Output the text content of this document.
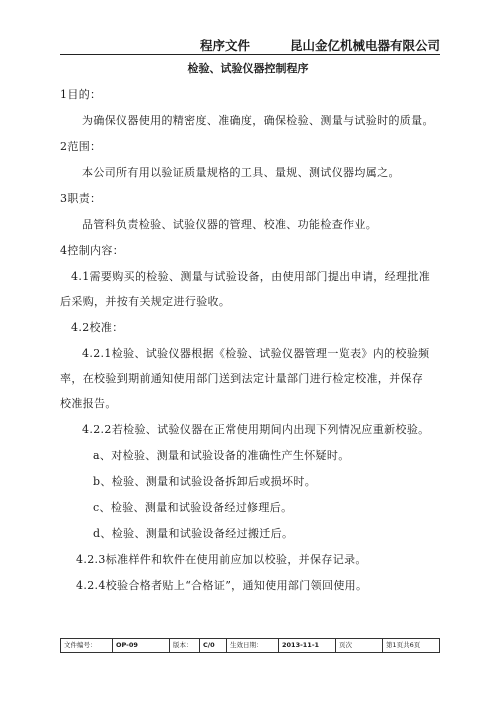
程序文件	昆山金亿机械电器有限公司
检验、试验仪器控制程序
1目的：
为确保仪器使用的精密度、准确度，确保检验、测量与试验时的质量。
2范围：
本公司所有用以验证质量规格的工具、量规、测试仪器均属之。
3职责：
品管科负责检验、试验仪器的管理、校准、功能检查作业。
4控制内容：
4.1需要购买的检验、测量与试验设备，由使用部门提出申请，经理批准
后采购，并按有关规定进行验收。
4.2校准：
4.2.1检验、试验仪器根据《检验、试验仪器管理一览表》内的校验频
率，在校验到期前通知使用部门送到法定计量部门进行检定校准，并保存
校准报告。
4.2.2若检验、试验仪器在正常使用期间内出现下列情况应重新校验。
a、对检验、测量和试验设备的准确性产生怀疑时。
b、检验、测量和试验设备拆卸后或损坏时。
c、检验、测量和试验设备经过修理后。
d、检验、测量和试验设备经过搬迁后。
4.2.3标准样件和软件在使用前应加以校验，并保存记录。
4.2.4校验合格者贴上“合格证”，通知使用部门领回使用。
文件编号：	OP-09	版本：	C/0	生效日期：	2013-11-1	页次	第1页共6页
